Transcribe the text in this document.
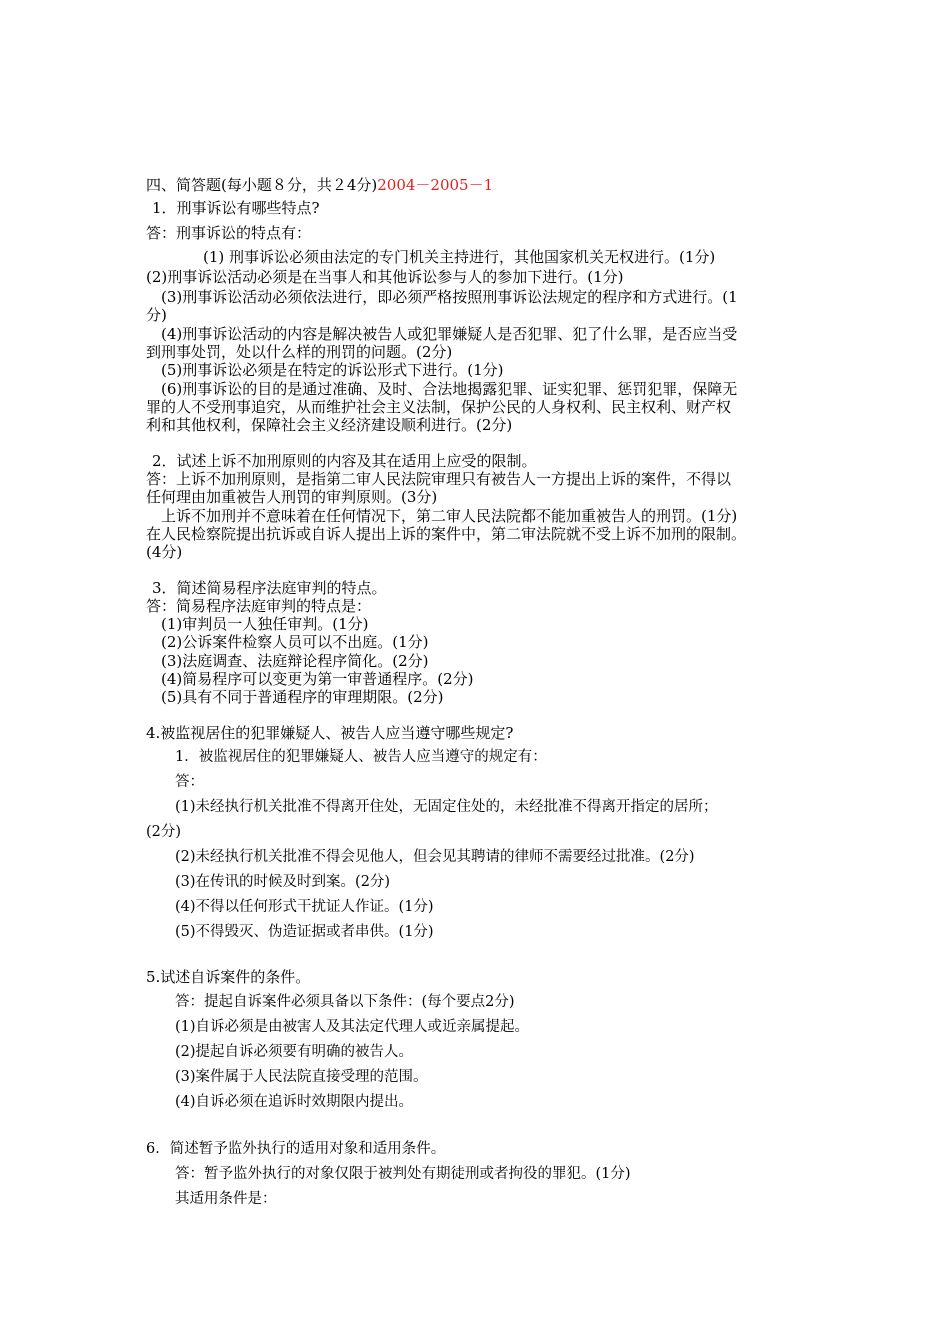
四、简答题(每小题８分，共２4分)2004－2005－1
1．刑事诉讼有哪些特点?
答：刑事诉讼的特点有：
(1) 刑事诉讼必须由法定的专门机关主持进行，其他国家机关无权进行。(1分)
(2)刑事诉讼活动必须是在当事人和其他诉讼参与人的参加下进行。(1分)
(3)刑事诉讼活动必须依法进行，即必须严格按照刑事诉讼法规定的程序和方式进行。(1
分)
(4)刑事诉讼活动的内容是解决被告人或犯罪嫌疑人是否犯罪、犯了什么罪，是否应当受
到刑事处罚，处以什么样的刑罚的问题。(2分)
(5)刑事诉讼必须是在特定的诉讼形式下进行。(1分)
(6)刑事诉讼的目的是通过准确、及时、合法地揭露犯罪、证实犯罪、惩罚犯罪，保障无
罪的人不受刑事追究，从而维护社会主义法制，保护公民的人身权利、民主权利、财产权
利和其他权利，保障社会主义经济建设顺利进行。(2分)
2．试述上诉不加刑原则的内容及其在适用上应受的限制。
答：上诉不加刑原则，是指第二审人民法院审理只有被告人一方提出上诉的案件，不得以
任何理由加重被告人刑罚的审判原则。(3分)
上诉不加刑并不意味着在任何情况下，第二审人民法院都不能加重被告人的刑罚。(1分)
在人民检察院提出抗诉或自诉人提出上诉的案件中，第二审法院就不受上诉不加刑的限制。
(4分)
3．简述简易程序法庭审判的特点。
答：简易程序法庭审判的特点是：
(1)审判员一人独任审判。(1分)
(2)公诉案件检察人员可以不出庭。(1分)
(3)法庭调查、法庭辩论程序简化。(2分)
(4)简易程序可以变更为第一审普通程序。(2分)
(5)具有不同于普通程序的审理期限。(2分)
4.被监视居住的犯罪嫌疑人、被告人应当遵守哪些规定?
1．被监视居住的犯罪嫌疑人、被告人应当遵守的规定有：
答：
(1)未经执行机关批准不得离开住处，无固定住处的，未经批准不得离开指定的居所；
(2分)
(2)未经执行机关批准不得会见他人，但会见其聘请的律师不需要经过批准。(2分)
(3)在传讯的时候及时到案。(2分)
(4)不得以任何形式干扰证人作证。(1分)
(5)不得毁灭、伪造证据或者串供。(1分)
5.试述自诉案件的条件。
答：提起自诉案件必须具备以下条件：(每个要点2分)
(1)自诉必须是由被害人及其法定代理人或近亲属提起。
(2)提起自诉必须要有明确的被告人。
(3)案件属于人民法院直接受理的范围。
(4)自诉必须在追诉时效期限内提出。
6．简述暂予监外执行的适用对象和适用条件。
答：暂予监外执行的对象仅限于被判处有期徒刑或者拘役的罪犯。(1分)
其适用条件是：
